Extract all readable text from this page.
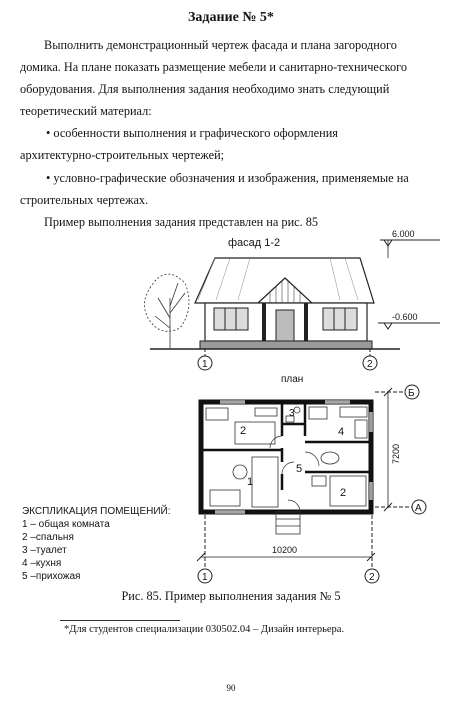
Задание № 5*
Выполнить демонстрационный чертеж фасада и плана загородного
домика. На плане показать размещение мебели и санитарно-технического
оборудования. Для выполнения задания необходимо знать следующий
теоретический материал:
• особенности выполнения и графического оформления
архитектурно-строительных чертежей;
• условно-графические обозначения и изображения, применяемые на
строительных чертежах.
Пример выполнения задания представлен на рис. 85
фасад 1-2
6.000
-0.600
1	2
план
Б
А
7200
2
3
4
1
5
2
10200
1	2
ЭКСПЛИКАЦИЯ ПОМЕЩЕНИЙ:
1 – общая комната
2 –спальня
3 –туалет
4 –кухня
5 –прихожая
Рис. 85. Пример выполнения задания № 5
*Для студентов специализации 030502.04 – Дизайн интерьера.
90
